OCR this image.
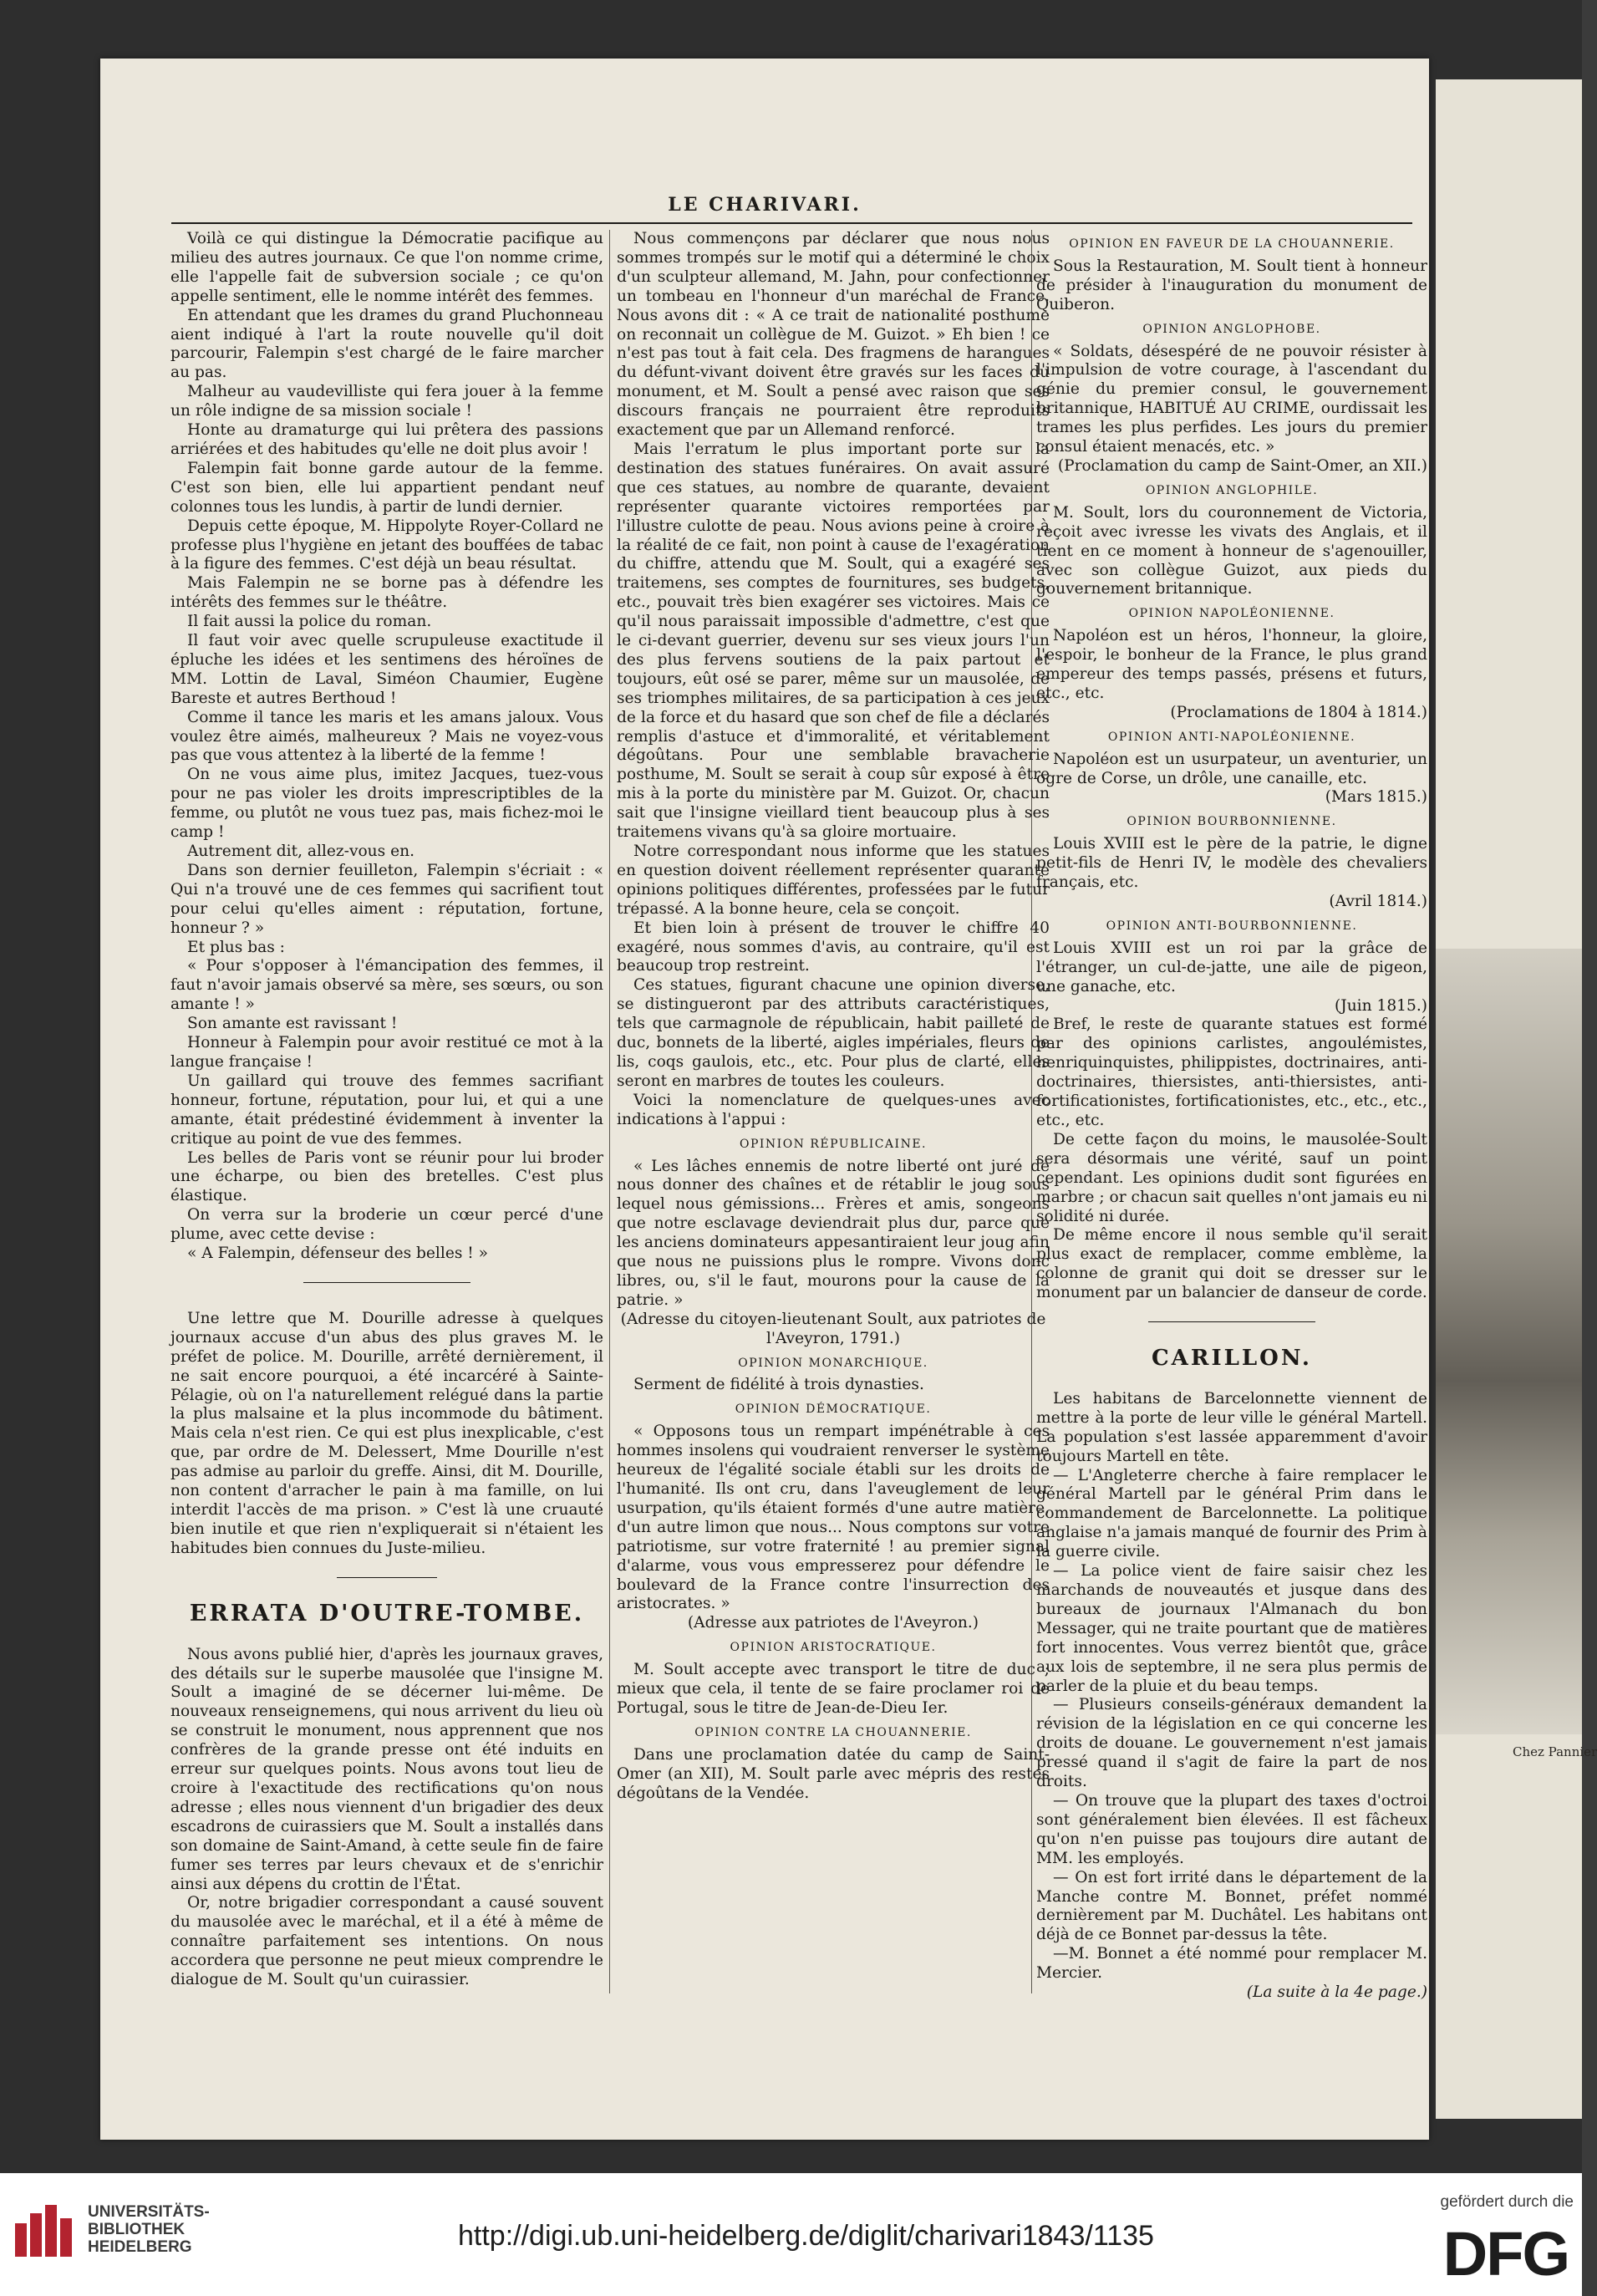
Chez Pannier
LE CHARIVARI.

Voilà ce qui distingue la Démocratie pacifique au milieu des autres journaux. Ce que l'on nomme crime, elle l'appelle fait de subversion sociale ; ce qu'on appelle sentiment, elle le nomme intérêt des femmes.

En attendant que les drames du grand Pluchonneau aient indiqué à l'art la route nouvelle qu'il doit parcourir, Falempin s'est chargé de le faire marcher au pas.

Malheur au vaudevilliste qui fera jouer à la femme un rôle indigne de sa mission sociale !

Honte au dramaturge qui lui prêtera des passions arriérées et des habitudes qu'elle ne doit plus avoir !

Falempin fait bonne garde autour de la femme. C'est son bien, elle lui appartient pendant neuf colonnes tous les lundis, à partir de lundi dernier.

Depuis cette époque, M. Hippolyte Royer-Collard ne professe plus l'hygiène en jetant des bouffées de tabac à la figure des femmes. C'est déjà un beau résultat.

Mais Falempin ne se borne pas à défendre les intérêts des femmes sur le théâtre.

Il fait aussi la police du roman.

Il faut voir avec quelle scrupuleuse exactitude il épluche les idées et les sentimens des héroïnes de MM. Lottin de Laval, Siméon Chaumier, Eugène Bareste et autres Berthoud !

Comme il tance les maris et les amans jaloux. Vous voulez être aimés, malheureux ? Mais ne voyez-vous pas que vous attentez à la liberté de la femme !

On ne vous aime plus, imitez Jacques, tuez-vous pour ne pas violer les droits imprescriptibles de la femme, ou plutôt ne vous tuez pas, mais fichez-moi le camp !

Autrement dit, allez-vous en.

Dans son dernier feuilleton, Falempin s'écriait : « Qui n'a trouvé une de ces femmes qui sacrifient tout pour celui qu'elles aiment : réputation, fortune, honneur ? »

Et plus bas :

« Pour s'opposer à l'émancipation des femmes, il faut n'avoir jamais observé sa mère, ses sœurs, ou son amante ! »

Son amante est ravissant !

Honneur à Falempin pour avoir restitué ce mot à la langue française !

Un gaillard qui trouve des femmes sacrifiant honneur, fortune, réputation, pour lui, et qui a une amante, était prédestiné évidemment à inventer la critique au point de vue des femmes.

Les belles de Paris vont se réunir pour lui broder une écharpe, ou bien des bretelles. C'est plus élastique.

On verra sur la broderie un cœur percé d'une plume, avec cette devise :

« A Falempin, défenseur des belles ! »

Une lettre que M. Dourille adresse à quelques journaux accuse d'un abus des plus graves M. le préfet de police. M. Dourille, arrêté dernièrement, il ne sait encore pourquoi, a été incarcéré à Sainte-Pélagie, où on l'a naturellement relégué dans la partie la plus malsaine et la plus incommode du bâtiment. Mais cela n'est rien. Ce qui est plus inexplicable, c'est que, par ordre de M. Delessert, Mme Dourille n'est pas admise au parloir du greffe. Ainsi, dit M. Dourille, non content d'arracher le pain à ma famille, on lui interdit l'accès de ma prison. » C'est là une cruauté bien inutile et que rien n'expliquerait si n'étaient les habitudes bien connues du Juste-milieu.

ERRATA D'OUTRE-TOMBE.

Nous avons publié hier, d'après les journaux graves, des détails sur le superbe mausolée que l'insigne M. Soult a imaginé de se décerner lui-même. De nouveaux renseignemens, qui nous arrivent du lieu où se construit le monument, nous apprennent que nos confrères de la grande presse ont été induits en erreur sur quelques points. Nous avons tout lieu de croire à l'exactitude des rectifications qu'on nous adresse ; elles nous viennent d'un brigadier des deux escadrons de cuirassiers que M. Soult a installés dans son domaine de Saint-Amand, à cette seule fin de faire fumer ses terres par leurs chevaux et de s'enrichir ainsi aux dépens du crottin de l'État.

Or, notre brigadier correspondant a causé souvent du mausolée avec le maréchal, et il a été à même de connaître parfaitement ses intentions. On nous accordera que personne ne peut mieux comprendre le dialogue de M. Soult qu'un cuirassier.

Nous commençons par déclarer que nous nous sommes trompés sur le motif qui a déterminé le choix d'un sculpteur allemand, M. Jahn, pour confectionner un tombeau en l'honneur d'un maréchal de France. Nous avons dit : « A ce trait de nationalité posthume on reconnait un collègue de M. Guizot. » Eh bien ! ce n'est pas tout à fait cela. Des fragmens de harangues du défunt-vivant doivent être gravés sur les faces du monument, et M. Soult a pensé avec raison que ses discours français ne pourraient être reproduits exactement que par un Allemand renforcé.

Mais l'erratum le plus important porte sur la destination des statues funéraires. On avait assuré que ces statues, au nombre de quarante, devaient représenter quarante victoires remportées par l'illustre culotte de peau. Nous avions peine à croire à la réalité de ce fait, non point à cause de l'exagération du chiffre, attendu que M. Soult, qui a exagéré ses traitemens, ses comptes de fournitures, ses budgets, etc., pouvait très bien exagérer ses victoires. Mais ce qu'il nous paraissait impossible d'admettre, c'est que le ci-devant guerrier, devenu sur ses vieux jours l'un des plus fervens soutiens de la paix partout et toujours, eût osé se parer, même sur un mausolée, de ses triomphes militaires, de sa participation à ces jeux de la force et du hasard que son chef de file a déclarés remplis d'astuce et d'immoralité, et véritablement dégoûtans. Pour une semblable bravacherie posthume, M. Soult se serait à coup sûr exposé à être mis à la porte du ministère par M. Guizot. Or, chacun sait que l'insigne vieillard tient beaucoup plus à ses traitemens vivans qu'à sa gloire mortuaire.

Notre correspondant nous informe que les statues en question doivent réellement représenter quarante opinions politiques différentes, professées par le futur trépassé. A la bonne heure, cela se conçoit.

Et bien loin à présent de trouver le chiffre 40 exagéré, nous sommes d'avis, au contraire, qu'il est beaucoup trop restreint.

Ces statues, figurant chacune une opinion diverse, se distingueront par des attributs caractéristiques, tels que carmagnole de républicain, habit pailleté de duc, bonnets de la liberté, aigles impériales, fleurs de lis, coqs gaulois, etc., etc. Pour plus de clarté, elles seront en marbres de toutes les couleurs.

Voici la nomenclature de quelques-unes avec indications à l'appui :

OPINION RÉPUBLICAINE.

« Les lâches ennemis de notre liberté ont juré de nous donner des chaînes et de rétablir le joug sous lequel nous gémissions... Frères et amis, songeons que notre esclavage deviendrait plus dur, parce que les anciens dominateurs appesantiraient leur joug afin que nous ne puissions plus le rompre. Vivons donc libres, ou, s'il le faut, mourons pour la cause de la patrie. »

(Adresse du citoyen-lieutenant Soult, aux patriotes de l'Aveyron, 1791.)

OPINION MONARCHIQUE.

Serment de fidélité à trois dynasties.

OPINION DÉMOCRATIQUE.

« Opposons tous un rempart impénétrable à ces hommes insolens qui voudraient renverser le système heureux de l'égalité sociale établi sur les droits de l'humanité. Ils ont cru, dans l'aveuglement de leur usurpation, qu'ils étaient formés d'une autre matière, d'un autre limon que nous... Nous comptons sur votre patriotisme, sur votre fraternité ! au premier signal d'alarme, vous vous empresserez pour défendre le boulevard de la France contre l'insurrection des aristocrates. »

(Adresse aux patriotes de l'Aveyron.)

OPINION ARISTOCRATIQUE.

M. Soult accepte avec transport le titre de duc ; mieux que cela, il tente de se faire proclamer roi de Portugal, sous le titre de Jean-de-Dieu Ier.

OPINION CONTRE LA CHOUANNERIE.

Dans une proclamation datée du camp de Saint-Omer (an XII), M. Soult parle avec mépris des restes dégoûtans de la Vendée.

OPINION EN FAVEUR DE LA CHOUANNERIE.

Sous la Restauration, M. Soult tient à honneur de présider à l'inauguration du monument de Quiberon.

OPINION ANGLOPHOBE.

« Soldats, désespéré de ne pouvoir résister à l'impulsion de votre courage, à l'ascendant du génie du premier consul, le gouvernement britannique, HABITUÉ AU CRIME, ourdissait les trames les plus perfides. Les jours du premier consul étaient menacés, etc. »

(Proclamation du camp de Saint-Omer, an XII.)

OPINION ANGLOPHILE.

M. Soult, lors du couronnement de Victoria, reçoit avec ivresse les vivats des Anglais, et il tient en ce moment à honneur de s'agenouiller, avec son collègue Guizot, aux pieds du gouvernement britannique.

OPINION NAPOLÉONIENNE.

Napoléon est un héros, l'honneur, la gloire, l'espoir, le bonheur de la France, le plus grand empereur des temps passés, présens et futurs, etc., etc.

(Proclamations de 1804 à 1814.)

OPINION ANTI-NAPOLÉONIENNE.

Napoléon est un usurpateur, un aventurier, un ogre de Corse, un drôle, une canaille, etc.

(Mars 1815.)

OPINION BOURBONNIENNE.

Louis XVIII est le père de la patrie, le digne petit-fils de Henri IV, le modèle des chevaliers français, etc.

(Avril 1814.)

OPINION ANTI-BOURBONNIENNE.

Louis XVIII est un roi par la grâce de l'étranger, un cul-de-jatte, une aile de pigeon, une ganache, etc.

(Juin 1815.)

Bref, le reste de quarante statues est formé par des opinions carlistes, angoulémistes, henriquinquistes, philippistes, doctrinaires, anti-doctrinaires, thiersistes, anti-thiersistes, anti-fortificationistes, fortificationistes, etc., etc., etc., etc., etc.

De cette façon du moins, le mausolée-Soult sera désormais une vérité, sauf un point cependant. Les opinions dudit sont figurées en marbre ; or chacun sait quelles n'ont jamais eu ni solidité ni durée.

De même encore il nous semble qu'il serait plus exact de remplacer, comme emblème, la colonne de granit qui doit se dresser sur le monument par un balancier de danseur de corde.

CARILLON.

Les habitans de Barcelonnette viennent de mettre à la porte de leur ville le général Martell. La population s'est lassée apparemment d'avoir toujours Martell en tête.

— L'Angleterre cherche à faire remplacer le général Martell par le général Prim dans le commandement de Barcelonnette. La politique anglaise n'a jamais manqué de fournir des Prim à la guerre civile.

— La police vient de faire saisir chez les marchands de nouveautés et jusque dans des bureaux de journaux l'Almanach du bon Messager, qui ne traite pourtant que de matières fort innocentes. Vous verrez bientôt que, grâce aux lois de septembre, il ne sera plus permis de parler de la pluie et du beau temps.

— Plusieurs conseils-généraux demandent la révision de la législation en ce qui concerne les droits de douane. Le gouvernement n'est jamais pressé quand il s'agit de faire la part de nos droits.

— On trouve que la plupart des taxes d'octroi sont généralement bien élevées. Il est fâcheux qu'on n'en puisse pas toujours dire autant de MM. les employés.

— On est fort irrité dans le département de la Manche contre M. Bonnet, préfet nommé dernièrement par M. Duchâtel. Les habitans ont déjà de ce Bonnet par-dessus la tête.

—M. Bonnet a été nommé pour remplacer M. Mercier.

(La suite à la 4e page.)

UNIVERSITÄTS-
BIBLIOTHEK
HEIDELBERG	http://digi.ub.uni-heidelberg.de/diglit/charivari1843/1135
gefördert durch die
DFG
